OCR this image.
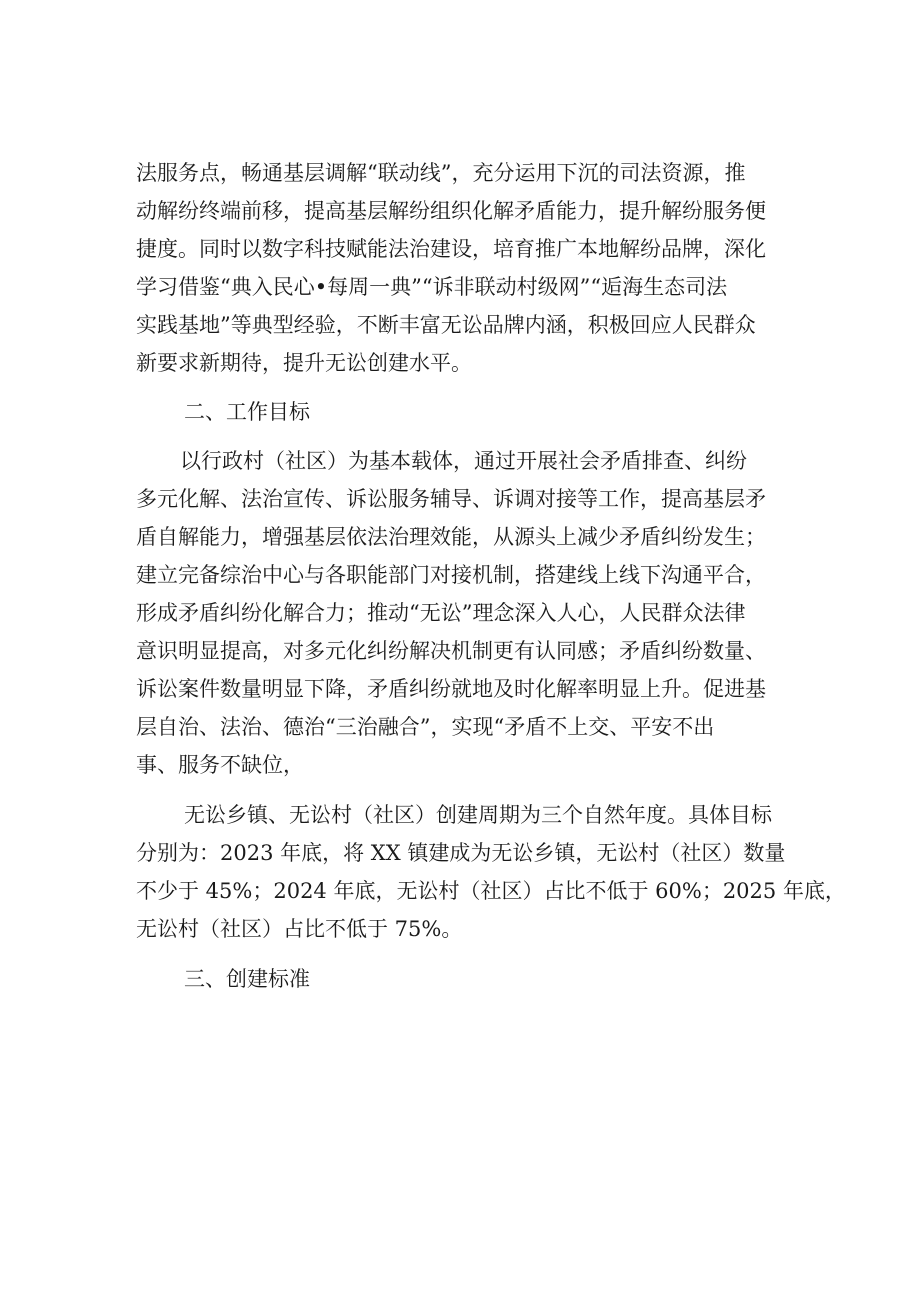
法服务点，畅通基层调解“联动线”，充分运用下沉的司法资源，推
动解纷终端前移，提高基层解纷组织化解矛盾能力，提升解纷服务便
捷度。同时以数字科技赋能法治建设，培育推广本地解纷品牌，深化
学习借鉴“典入民心•每周一典”“诉非联动村级网”“逅海生态司法
实践基地”等典型经验，不断丰富无讼品牌内涵，积极回应人民群众
新要求新期待，提升无讼创建水平。
二、工作目标
以行政村（社区）为基本载体，通过开展社会矛盾排查、纠纷
多元化解、法治宣传、诉讼服务辅导、诉调对接等工作，提高基层矛
盾自解能力，增强基层依法治理效能，从源头上减少矛盾纠纷发生；
建立完备综治中心与各职能部门对接机制，搭建线上线下沟通平合，
形成矛盾纠纷化解合力；推动“无讼”理念深入人心，人民群众法律
意识明显提高，对多元化纠纷解决机制更有认同感；矛盾纠纷数量、
诉讼案件数量明显下降，矛盾纠纷就地及时化解率明显上升。促进基
层自治、法治、德治“三治融合”，实现“矛盾不上交、平安不出
事、服务不缺位，
无讼乡镇、无讼村（社区）创建周期为三个自然年度。具体目标
分别为：2023 年底，将 XX 镇建成为无讼乡镇，无讼村（社区）数量
不少于 45%；2024 年底，无讼村（社区）占比不低于 60%；2025 年底，
无讼村（社区）占比不低于 75%。
三、创建标准
